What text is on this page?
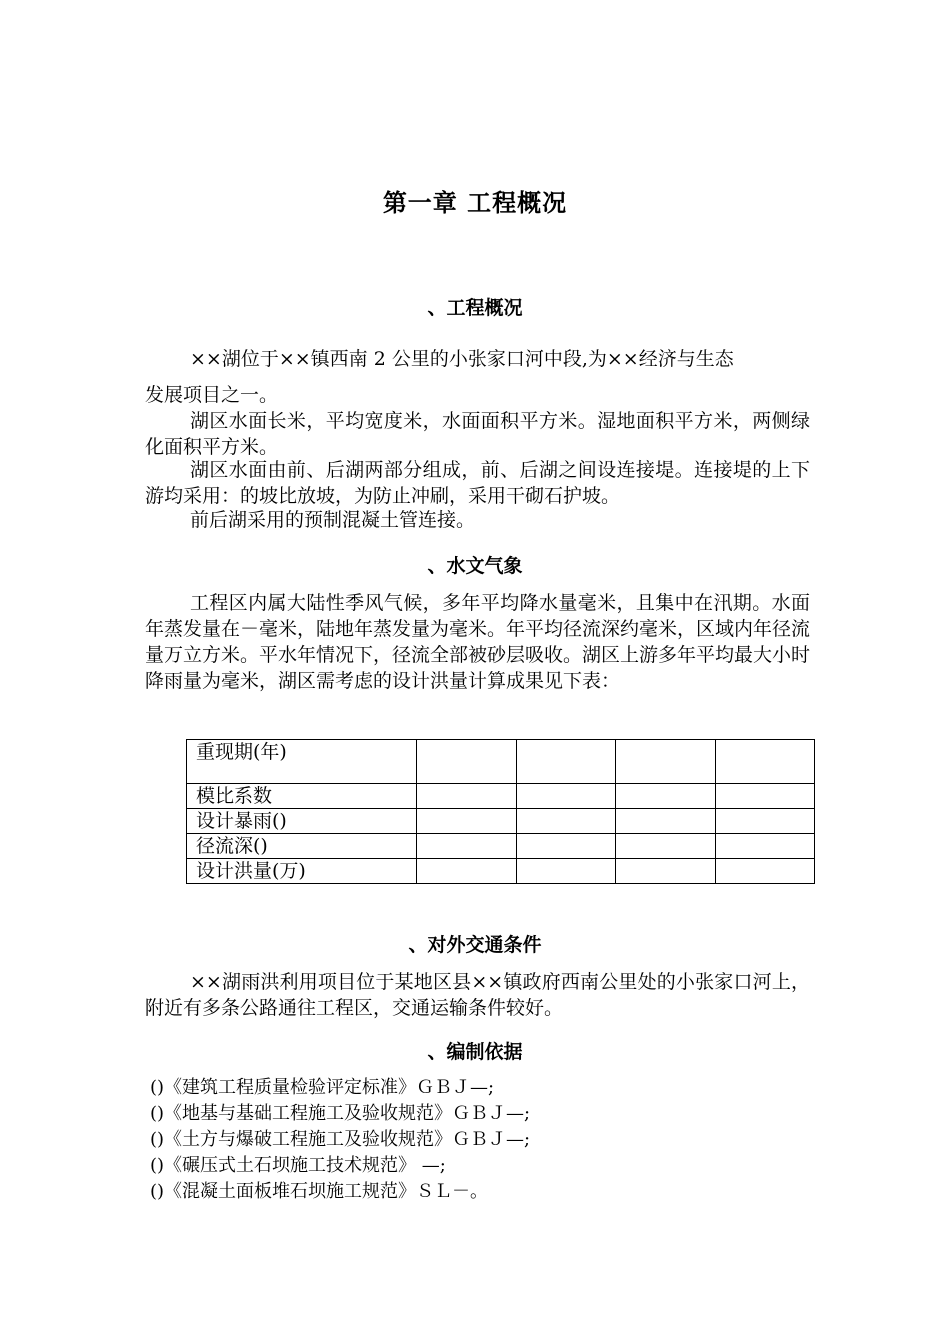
第一章 工程概况
、工程概况

××湖位于××镇西南 2 公里的小张家口河中段,为××经济与生态

发展项目之一。

湖区水面长米，平均宽度米，水面面积平方米。湿地面积平方米，两侧绿化面积平方米。

湖区水面由前、后湖两部分组成，前、后湖之间设连接堤。连接堤的上下游均采用：的坡比放坡，为防止冲刷，采用干砌石护坡。

前后湖采用的预制混凝土管连接。

、水文气象

工程区内属大陆性季风气候，多年平均降水量毫米，且集中在汛期。水面年蒸发量在－毫米，陆地年蒸发量为毫米。年平均径流深约毫米，区域内年径流量万立方米。平水年情况下，径流全部被砂层吸收。湖区上游多年平均最大小时降雨量为毫米，湖区需考虑的设计洪量计算成果见下表：

重现期(年)				
模比系数				
设计暴雨()				
径流深()				
设计洪量(万)				
、对外交通条件

××湖雨洪利用项目位于某地区县××镇政府西南公里处的小张家口河上，附近有多条公路通往工程区，交通运输条件较好。

、编制依据
()《建筑工程质量检验评定标准》ＧＢＪ—;
()《地基与基础工程施工及验收规范》ＧＢＪ—;
()《土方与爆破工程施工及验收规范》ＧＢＪ—;
()《碾压式土石坝施工技术规范》 —;
()《混凝土面板堆石坝施工规范》ＳＬ－。
